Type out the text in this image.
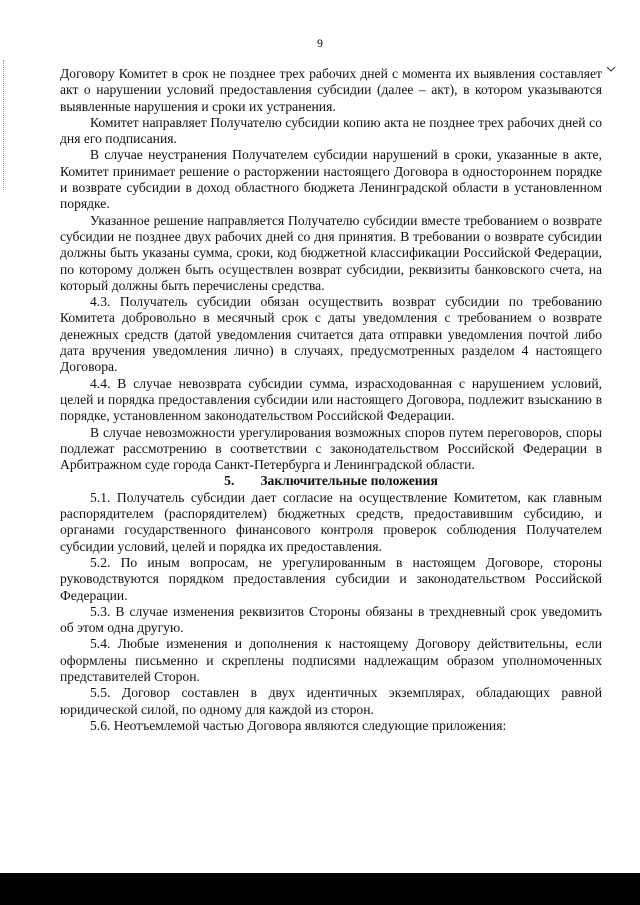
9

Договору Комитет в срок не позднее трех рабочих дней с момента их выявления составляет акт о нарушении условий предоставления субсидии (далее – акт), в котором указываются выявленные нарушения и сроки их устранения.

Комитет направляет Получателю субсидии копию акта не позднее трех рабочих дней со дня его подписания.

В случае неустранения Получателем субсидии нарушений в сроки, указанные в акте, Комитет принимает решение о расторжении настоящего Договора в одностороннем порядке и возврате субсидии в доход областного бюджета Ленинградской области в установленном порядке.

Указанное решение направляется Получателю субсидии вместе требованием о возврате субсидии не позднее двух рабочих дней со дня принятия. В требовании о возврате субсидии должны быть указаны сумма, сроки, код бюджетной классификации Российской Федерации, по которому должен быть осуществлен возврат субсидии, реквизиты банковского счета, на который должны быть перечислены средства.

4.3. Получатель субсидии обязан осуществить возврат субсидии по требованию Комитета добровольно в месячный срок с даты уведомления с требованием о возврате денежных средств (датой уведомления считается дата отправки уведомления почтой либо дата вручения уведомления лично) в случаях, предусмотренных разделом 4 настоящего Договора.

4.4. В случае невозврата субсидии сумма, израсходованная с нарушением условий, целей и порядка предоставления субсидии или настоящего Договора, подлежит взысканию в порядке, установленном законодательством Российской Федерации.

В случае невозможности урегулирования возможных споров путем переговоров, споры подлежат рассмотрению в соответствии с законодательством Российской Федерации в Арбитражном суде города Санкт-Петербурга и Ленинградской области.

5. Заключительные положения

5.1. Получатель субсидии дает согласие на осуществление Комитетом, как главным распорядителем (распорядителем) бюджетных средств, предоставившим субсидию, и органами государственного финансового контроля проверок соблюдения Получателем субсидии условий, целей и порядка их предоставления.

5.2. По иным вопросам, не урегулированным в настоящем Договоре, стороны руководствуются порядком предоставления субсидии и законодательством Российской Федерации.

5.3. В случае изменения реквизитов Стороны обязаны в трехдневный срок уведомить об этом одна другую.

5.4. Любые изменения и дополнения к настоящему Договору действительны, если оформлены письменно и скреплены подписями надлежащим образом уполномоченных представителей Сторон.

5.5. Договор составлен в двух идентичных экземплярах, обладающих равной юридической силой, по одному для каждой из сторон.

5.6. Неотъемлемой частью Договора являются следующие приложения:
